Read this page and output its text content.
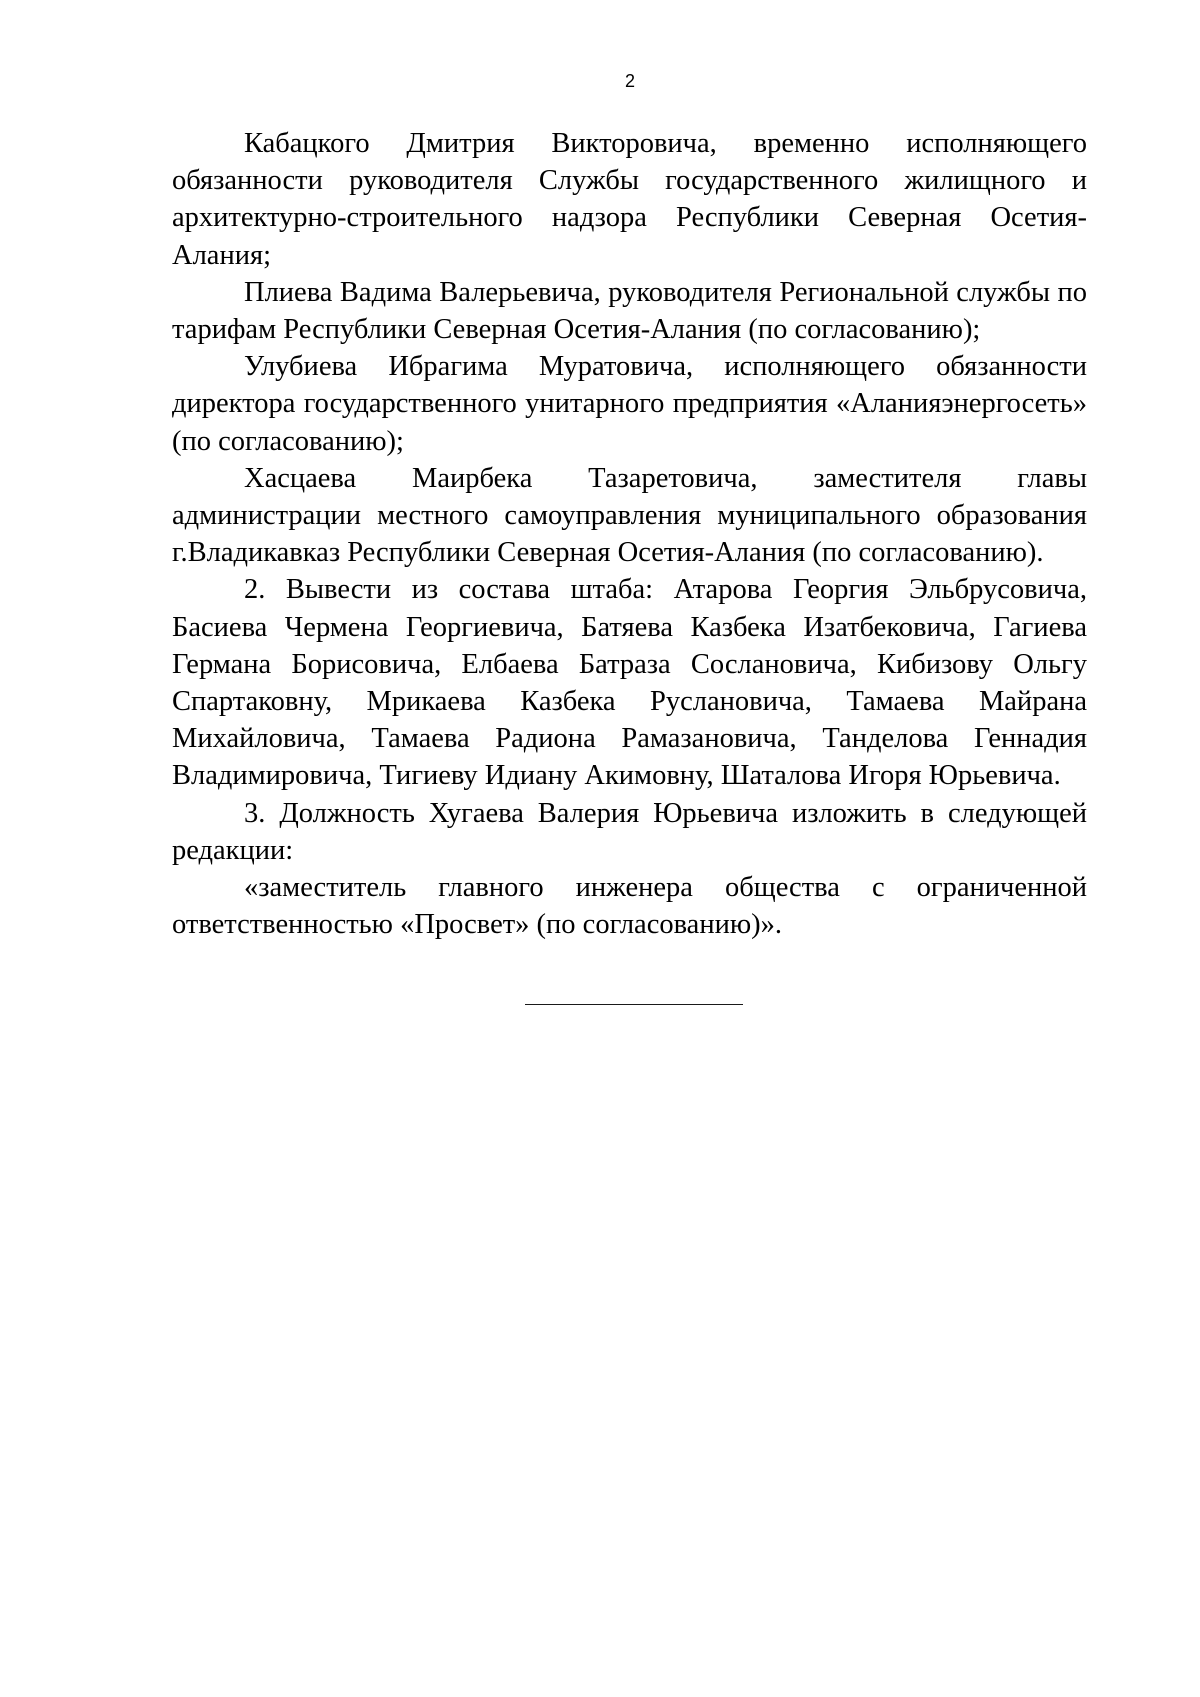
2

Кабацкого Дмитрия Викторовича, временно исполняющего обязанности руководителя Службы государственного жилищного и архитектурно-строительного надзора Республики Северная Осетия-Алания;

Плиева Вадима Валерьевича, руководителя Региональной службы по тарифам Республики Северная Осетия-Алания (по согласованию);

Улубиева Ибрагима Муратовича, исполняющего обязанности директора государственного унитарного предприятия «Аланияэнергосеть» (по согласованию);

Хасцаева Маирбека Тазаретовича, заместителя главы администрации местного самоуправления муниципального образования г.Владикавказ Республики Северная Осетия-Алания (по согласованию).

2. Вывести из состава штаба: Атарова Георгия Эльбрусовича, Басиева Чермена Георгиевича, Батяева Казбека Изатбековича, Гагиева Германа Борисовича, Елбаева Батраза Сослановича, Кибизову Ольгу Спартаковну, Мрикаева Казбека Руслановича, Тамаева Майрана Михайловича, Тамаева Радиона Рамазановича, Танделова Геннадия Владимировича, Тигиеву Идиану Акимовну, Шаталова Игоря Юрьевича.

3. Должность Хугаева Валерия Юрьевича изложить в следующей редакции:

«заместитель главного инженера общества с ограниченной ответственностью «Просвет» (по согласованию)».
